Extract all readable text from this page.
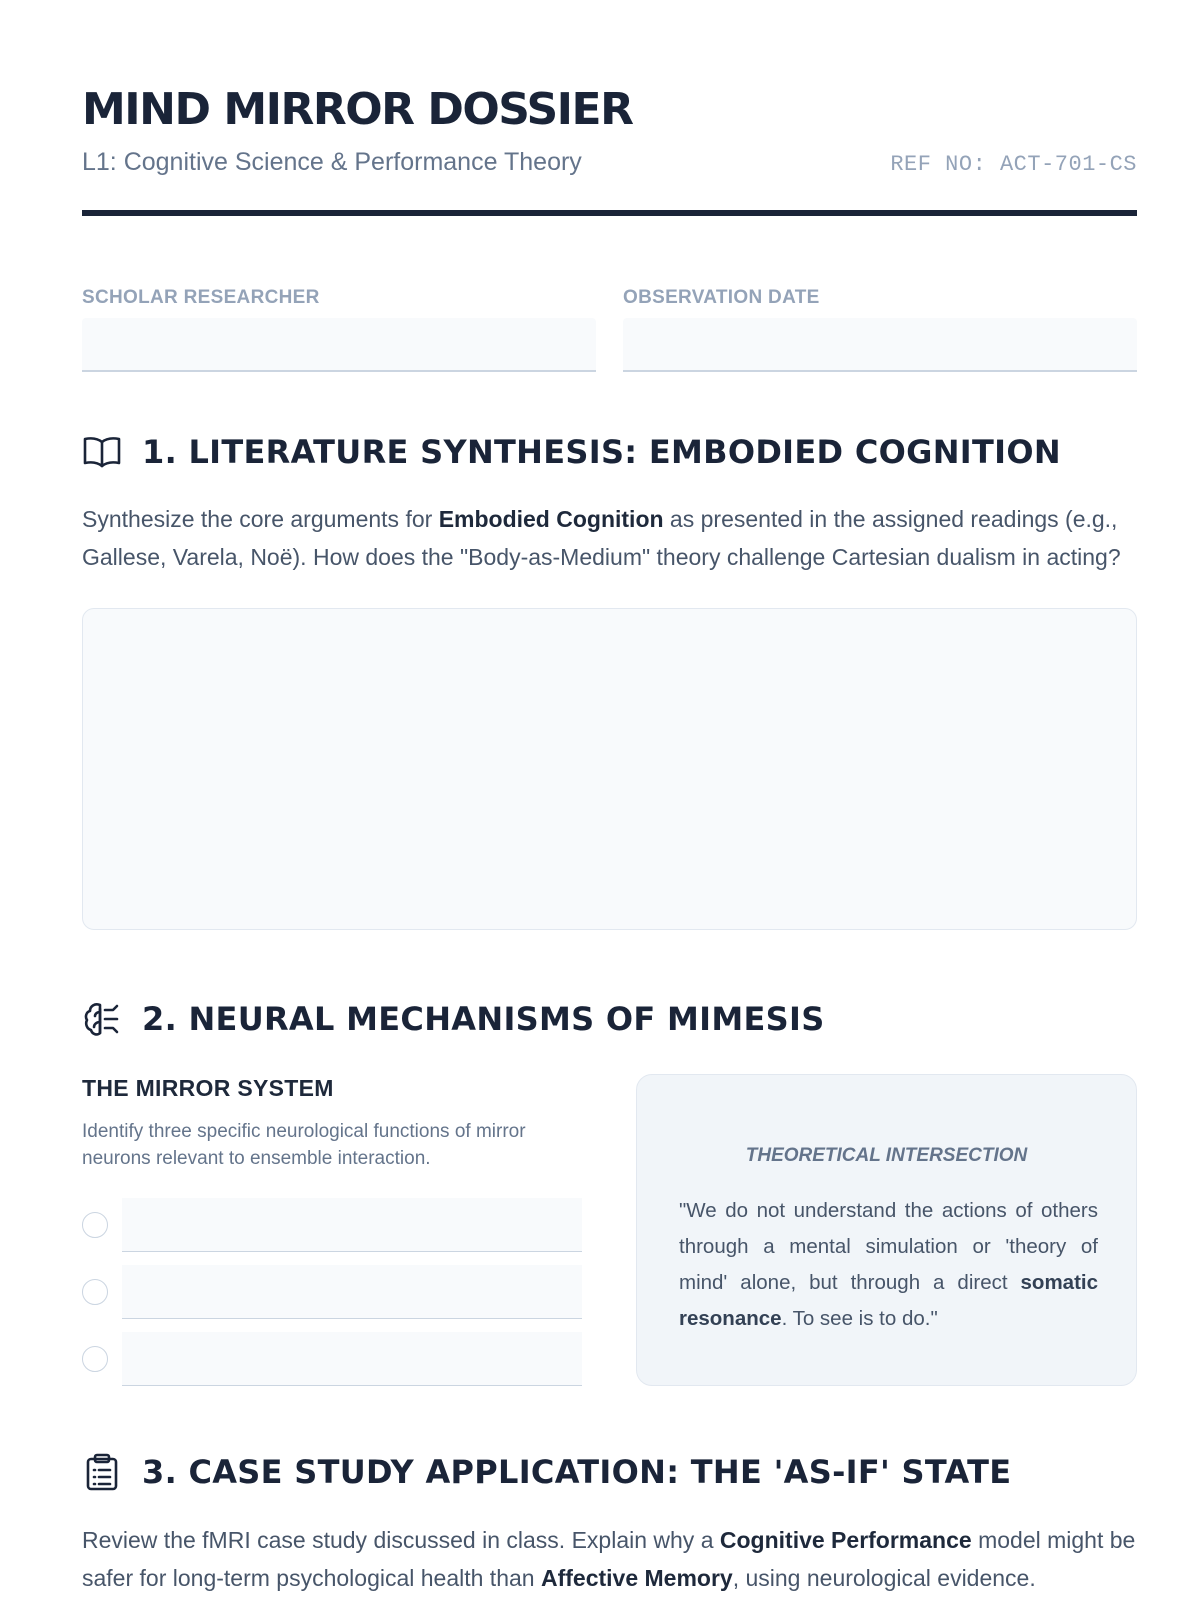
MIND MIRROR DOSSIER
L1: Cognitive Science & Performance Theory	REF NO: ACT-701-CS
SCHOLAR RESEARCHER	OBSERVATION DATE
1. LITERATURE SYNTHESIS: EMBODIED COGNITION

Synthesize the core arguments for Embodied Cognition as presented in the assigned readings (e.g., Gallese, Varela, Noë). How does the "Body-as-Medium" theory challenge Cartesian dualism in acting?

2. NEURAL MECHANISMS OF MIMESIS
THE MIRROR SYSTEM
Identify three specific neurological functions of mirror neurons relevant to ensemble interaction.	THEORETICAL INTERSECTION

"We do not understand the actions of others through a mental simulation or 'theory of mind' alone, but through a direct somatic resonance. To see is to do."

3. CASE STUDY APPLICATION: THE 'AS-IF' STATE

Review the fMRI case study discussed in class. Explain why a Cognitive Performance model might be safer for long-term psychological health than Affective Memory, using neurological evidence.
